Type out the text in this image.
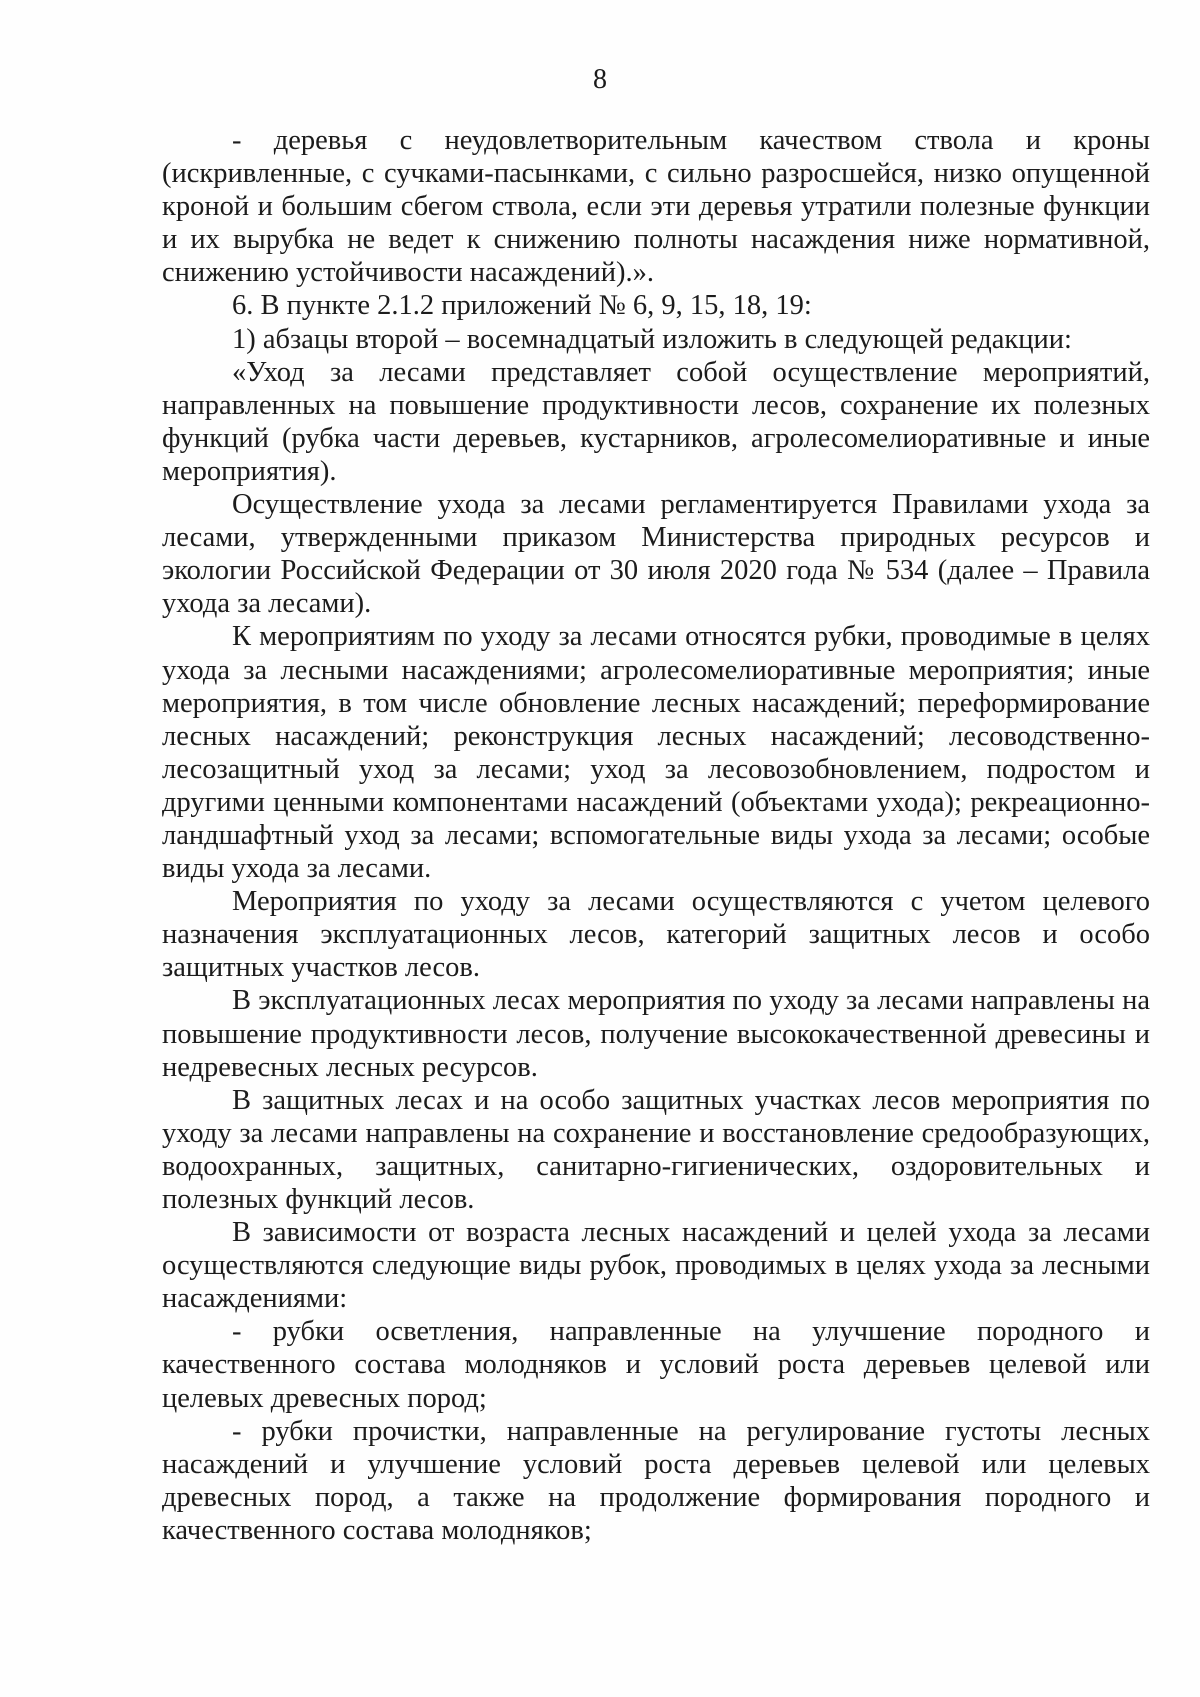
8

- деревья с неудовлетворительным качеством ствола и кроны (искривленные, с сучками-пасынками, с сильно разросшейся, низко опущенной кроной и большим сбегом ствола, если эти деревья утратили полезные функции и их вырубка не ведет к снижению полноты насаждения ниже нормативной, снижению устойчивости насаждений).».

6. В пункте 2.1.2 приложений № 6, 9, 15, 18, 19:

1) абзацы второй – восемнадцатый изложить в следующей редакции:

«Уход за лесами представляет собой осуществление мероприятий, направленных на повышение продуктивности лесов, сохранение их полезных функций (рубка части деревьев, кустарников, агролесомелиоративные и иные мероприятия).

Осуществление ухода за лесами регламентируется Правилами ухода за лесами, утвержденными приказом Министерства природных ресурсов и экологии Российской Федерации от 30 июля 2020 года № 534 (далее – Правила ухода за лесами).

К мероприятиям по уходу за лесами относятся рубки, проводимые в целях ухода за лесными насаждениями; агролесомелиоративные мероприятия; иные мероприятия, в том числе обновление лесных насаждений; переформирование лесных насаждений; реконструкция лесных насаждений; лесоводственно-лесозащитный уход за лесами; уход за лесовозобновлением, подростом и другими ценными компонентами насаждений (объектами ухода); рекреационно-ландшафтный уход за лесами; вспомогательные виды ухода за лесами; особые виды ухода за лесами.

Мероприятия по уходу за лесами осуществляются с учетом целевого назначения эксплуатационных лесов, категорий защитных лесов и особо защитных участков лесов.

В эксплуатационных лесах мероприятия по уходу за лесами направлены на повышение продуктивности лесов, получение высококачественной древесины и недревесных лесных ресурсов.

В защитных лесах и на особо защитных участках лесов мероприятия по уходу за лесами направлены на сохранение и восстановление средообразующих, водоохранных, защитных, санитарно-гигиенических, оздоровительных и полезных функций лесов.

В зависимости от возраста лесных насаждений и целей ухода за лесами осуществляются следующие виды рубок, проводимых в целях ухода за лесными насаждениями:

- рубки осветления, направленные на улучшение породного и качественного состава молодняков и условий роста деревьев целевой или целевых древесных пород;

- рубки прочистки, направленные на регулирование густоты лесных насаждений и улучшение условий роста деревьев целевой или целевых древесных пород, а также на продолжение формирования породного и качественного состава молодняков;
